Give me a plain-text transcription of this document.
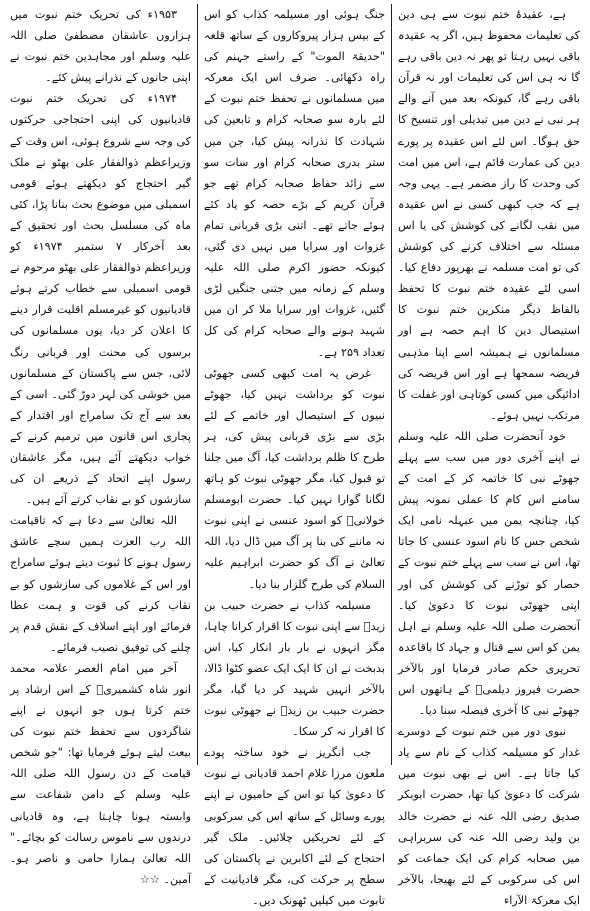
ہے، عقیدۂ ختم نبوت سے ہی دین کی تعلیمات محفوظ ہیں، اگر یہ عقیدہ باقی نہیں رہتا تو پھر نہ دین باقی رہے گا نہ ہی اس کی تعلیمات اور نہ قرآن باقی رہے گا، کیونکہ بعد میں آنے والے ہر نبی نے دین میں تبدیلی اور تنسیخ کا حق ہوگا۔ اس لئے اس عقیدہ پر پورے دین کی عمارت قائم ہے، اس میں امت کی وحدت کا راز مضمر ہے۔ یہی وجہ ہے کہ جب کبھی کسی نے اس عقیدہ میں نقب لگانے کی کوشش کی یا اس مسئلہ سے اختلاف کرنے کی کوشش کی تو امت مسلمہ نے بھرپور دفاع کیا۔ اسی لئے عقیدہ ختم نبوت کا تحفظ بالفاظ دیگر منکرین ختم نبوت کا استیصال دین کا اہم حصہ ہے اور مسلمانوں نے ہمیشہ اسے اپنا مذہبی فریضہ سمجھا ہے اور اس فریضہ کی ادائیگی میں کسی کوتاہی اور غفلت کا مرتکب نہیں ہوئے۔

خود آنحضرت صلی اللہ علیہ وسلم نے اپنے آخری دور میں سب سے پہلے جھوٹے نبی کا خاتمہ کر کے امت کے سامنے اس کام کا عملی نمونہ پیش کیا، چنانچہ یمن میں عبہلہ نامی ایک شخص جس کا نام اسود عنسی کا جاتا تھا، اس نے سب سے پہلے ختم نبوت کے حصار کو توڑنے کی کوشش کی اور اپنی جھوٹی نبوت کا دعویٰ کیا۔ آنحضرت صلی اللہ علیہ وسلم نے اہل یمن کو اس سے قتال و جہاد کا باقاعدہ تحریری حکم صادر فرمایا اور بالآخر حضرت فیروز دیلمیؓ کے ہاتھوں اس جھوٹے نبی کا آخری فیصلہ سنا دیا۔

نبوی دور میں ختم نبوت کے دوسرے غدار کو مسیلمہ کذاب کے نام سے یاد کیا جاتا ہے۔ اس نے بھی نبوت میں شرکت کا دعویٰ کیا تھا، حضرت ابوبکر صدیق رضی اللہ عنہ نے حضرت خالد بن ولید رضی اللہ عنہ کی سربراہی میں صحابہ کرام کی ایک جماعت کو اس کی سرکوبی کے لئے بھیجا، بالآخر ایک معرکۃ الآراء

جنگ ہوئی اور مسیلمہ کذاب کو اس کے بیس ہزار پیروکاروں کے ساتھ قلعہ "حدیقۃ الموت" کے راستے جہنم کی راہ دکھائی۔ صرف اس ایک معرکہ میں مسلمانوں نے تحفظ ختم نبوت کے لئے بارہ سو صحابہ کرام و تابعین کی شہادت کا نذرانہ پیش کیا، جن میں ستر بدری صحابہ کرام اور سات سو سے زائد حفاظ صحابہ کرام تھے جو قرآن کریم کے بڑے حصہ کو یاد کئے ہوئے جاتے تھے۔ اتنی بڑی قربانی تمام غزوات اور سرایا میں نہیں دی گئی، کیونکہ حضور اکرم صلی اللہ علیہ وسلم کے زمانہ میں جتنی جنگیں لڑی گئیں، غزوات اور سرایا ملا کر ان میں شہید ہونے والے صحابہ کرام کی کل تعداد ۲۵۹ ہے۔

غرض یہ امت کبھی کسی جھوٹی نبوت کو برداشت نہیں کیا، جھوٹے نبیوں کے استیصال اور خاتمے کے لئے بڑی سے بڑی قربانی پیش کی، ہر طرح کا ظلم برداشت کیا، آگ میں جلنا تو قبول کیا، مگر جھوٹی نبوت کو ہاتھ لگانا گوارا نہیں کیا۔ حضرت ابومسلم خولانیؒ کو اسود عنسی نے اپنی نبوت نہ ماننے کی بنا پر آگ میں ڈال دیا، اللہ تعالیٰ نے آگ کو حضرت ابراہیم علیہ السلام کی طرح گلزار بنا دیا۔

مسیلمہ کذاب نے حضرت حبیب بن زیدؓ سے اپنی نبوت کا اقرار کرانا چاہا، مگر انہوں نے بار بار انکار کیا، اس بدبخت نے ان کا ایک ایک عضو کٹوا ڈالا، بالآخر انہیں شہید کر دیا گیا، مگر حضرت حبیب بن زیدؓ نے جھوٹی نبوت کا اقرار نہ کر سکا۔

جب انگریز نے خود ساختہ پودے ملعون مرزا غلام احمد قادیانی نے نبوت کا دعویٰ کیا تو اس کے حامیوں نے اپنے پورے وسائل کے ساتھ اس کی سرکوبی کے لئے تحریکیں چلائیں۔ ملک گیر احتجاج کے لئے اکابرین نے پاکستان کی سطح پر حرکت کی، مگر قادیانیت کے تابوت میں کیلیں ٹھونک دیں۔

۱۹۵۳ء کی تحریک ختم نبوت میں ہزاروں عاشقان مصطفیٰ صلی اللہ علیہ وسلم اور مجاہدین ختم نبوت نے اپنی جانوں کے نذرانے پیش کئے۔

۱۹۷۴ء کی تحریک ختم نبوت قادیانیوں کی اپنی احتجاجی حرکتوں کی وجہ سے شروع ہوئی، اس وقت کے وزیراعظم ذوالفقار علی بھٹو نے ملک گیر احتجاج کو دیکھتے ہوئے قومی اسمبلی میں موضوع بحث بنانا پڑا، کئی ماہ کی مسلسل بحث اور تحقیق کے بعد آخرکار ۷ ستمبر ۱۹۷۴ء کو وزیراعظم ذوالفقار علی بھٹو مرحوم نے قومی اسمبلی سے خطاب کرتے ہوئے قادیانیوں کو غیرمسلم اقلیت قرار دینے کا اعلان کر دیا، یوں مسلمانوں کی برسوں کی محنت اور قربانی رنگ لائی، جس سے پاکستان کے مسلمانوں میں خوشی کی لہر دوڑ گئی۔ اسی کے بعد سے آج تک سامراج اور اقتدار کے پجاری اس قانون میں ترمیم کرنے کے خواب دیکھتے آئے ہیں، مگر عاشقان رسول اپنے اتحاد کے ذریعے ان کی سازشوں کو بے نقاب کرتے آئے ہیں۔

اللہ تعالیٰ سے دعا ہے کہ تاقیامت اللہ رب العزت ہمیں سچے عاشق رسول ہونے کا ثبوت دیتے ہوئے سامراج اور اس کے غلاموں کی سازشوں کو بے نقاب کرنے کی قوت و ہمت عطا فرمائے اور اپنے اسلاف کے نقش قدم پر چلنے کی توفیق نصیب فرمائے۔

آخر میں امام العصر علامہ محمد انور شاہ کشمیریؒ کے اس ارشاد پر ختم کرتا ہوں جو انہوں نے اپنے شاگردوں سے تحفظ ختم نبوت کی بیعت لیتے ہوئے فرمایا تھا: "جو شخص قیامت کے دن رسول اللہ صلی اللہ علیہ وسلم کے دامن شفاعت سے وابستہ ہونا چاہتا ہے، وہ قادیانی درندوں سے ناموس رسالت کو بچائے۔" اللہ تعالیٰ ہمارا حامی و ناصر ہو۔ آمین۔ ☆☆
